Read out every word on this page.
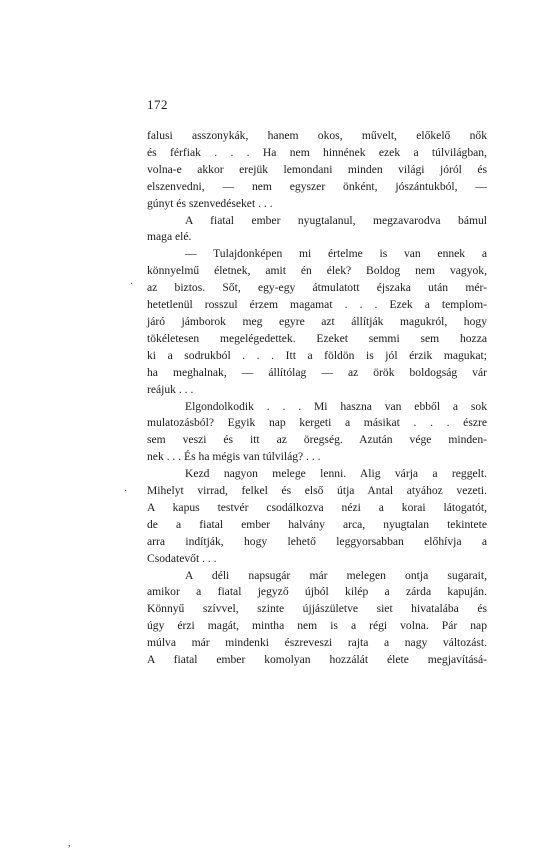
172
falusi asszonykák, hanem okos, művelt, előkelő nők
és férfiak . . . Ha nem hinnének ezek a túlvilágban,
volna-e akkor erejük lemondani minden világi jóról és
elszenvedni, — nem egyszer önként, jószántukból, —
gúnyt és szenvedéseket . . .
A fiatal ember nyugtalanul, megzavarodva bámul
maga elé.
— Tulajdonképen mi értelme is van ennek a
könnyelmű életnek, amit én élek? Boldog nem vagyok,
az biztos. Sőt, egy-egy átmulatott éjszaka után mér-
hetetlenül rosszul érzem magamat . . . Ezek a templom-
járó jámborok meg egyre azt állítják magukról, hogy
tökéletesen megelégedettek. Ezeket semmi sem hozza
ki a sodrukból . . . Itt a földön is jól érzik magukat;
ha meghalnak, — állítólag — az örök boldogság vár
reájuk . . .
Elgondolkodik . . . Mi haszna van ebből a sok
mulatozásból? Egyik nap kergeti a másikat . . . észre
sem veszi és itt az öregség. Azután vége minden-
nek . . . És ha mégis van túlvilág? . . .
Kezd nagyon melege lenni. Alig várja a reggelt.
Mihelyt virrad, felkel és első útja Antal atyához vezeti.
A kapus testvér csodálkozva nézi a korai látogatót,
de a fiatal ember halvány arca, nyugtalan tekintete
arra indítják, hogy lehető leggyorsabban előhívja a
Csodatevőt . . .
A déli napsugár már melegen ontja sugarait,
amikor a fiatal jegyző újból kilép a zárda kapuján.
Könnyű szívvel, szinte újjászületve siet hivatalába és
úgy érzi magát, mintha nem is a régi volna. Pár nap
múlva már mindenki észreveszi rajta a nagy változást.
A fiatal ember komolyan hozzálát élete megjavításá-
·
·
,
